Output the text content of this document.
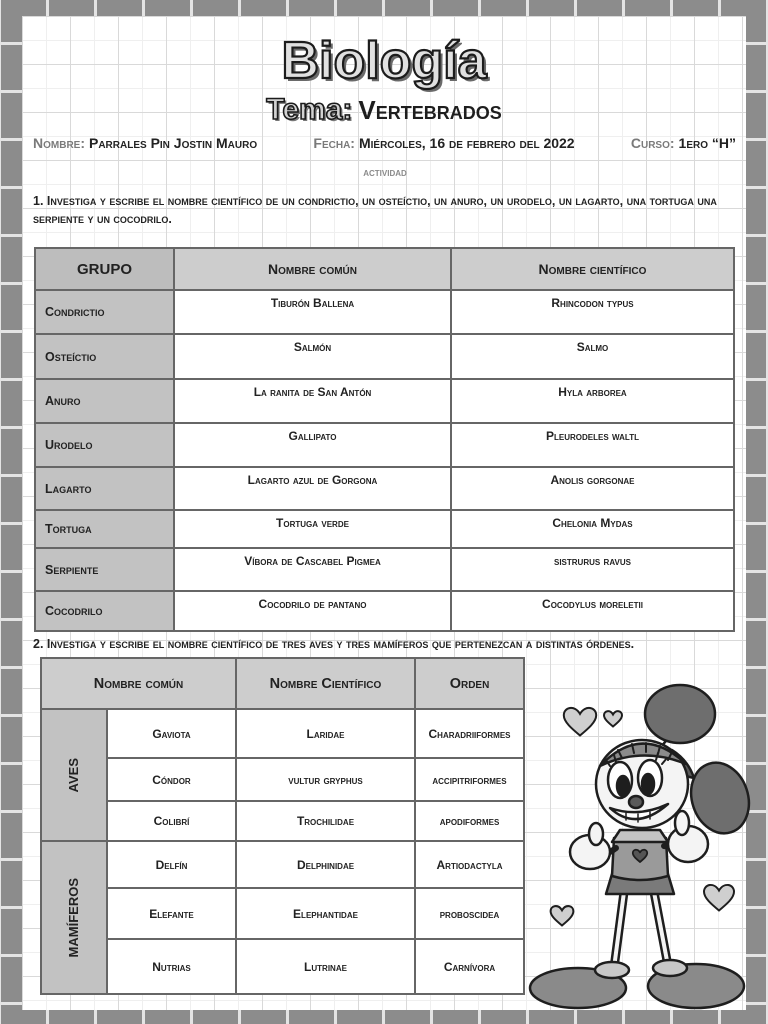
Biología
Tema: Vertebrados
Nombre: Parrales Pin Jostin Mauro	Fecha: Miércoles, 16 de febrero del 2022	Curso: 1ero “H”
actividad

1. Investiga y escribe el nombre científico de un condrictio, un osteíctio, un anuro, un urodelo, un lagarto, una tortuga una serpiente y un cocodrilo.

GRUPO	Nombre común	Nombre científico
Condrictio	Tiburón Ballena	Rhincodon typus
Osteíctio	Salmón	Salmo
Anuro	La ranita de San Antón	Hyla arborea
Urodelo	Gallipato	Pleurodeles waltl
Lagarto	Lagarto azul de Gorgona	Anolis gorgonae
Tortuga	Tortuga verde	Chelonia Mydas
Serpiente	Víbora de Cascabel Pigmea	sistrurus ravus
Cocodrilo	Cocodrilo de pantano	Cocodylus moreletii

2. Investiga y escribe el nombre científico de tres aves y tres mamíferos que pertenezcan a distintas órdenes.

Nombre común		Nombre Científico	Orden

AVES	Gaviota	Laridae	Charadriiformes
	Cóndor	vultur gryphus	accipitriformes
	Colibrí	Trochilidae	apodiformes

MAMÍFEROS	Delfín	Delphinidae	Artiodactyla
	Elefante	Elephantidae	proboscidea
	Nutrias	Lutrinae	Carnívora
